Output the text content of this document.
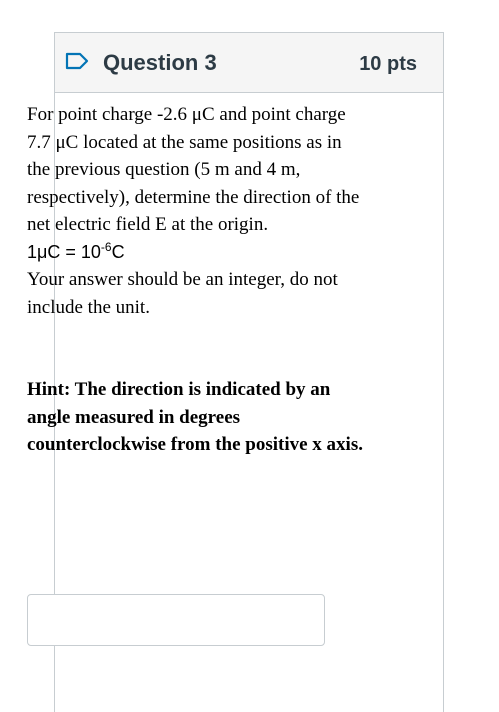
Question 3	10 pts

For point charge -2.6 μC and point charge 7.7 μC located at the same positions as in the previous question (5 m and 4 m, respectively), determine the direction of the net electric field E at the origin.

$1\mu C = 10^{-6}C$

Your answer should be an integer, do not include the unit.

Hint: The direction is indicated by an angle measured in degrees counterclockwise from the positive x axis.
